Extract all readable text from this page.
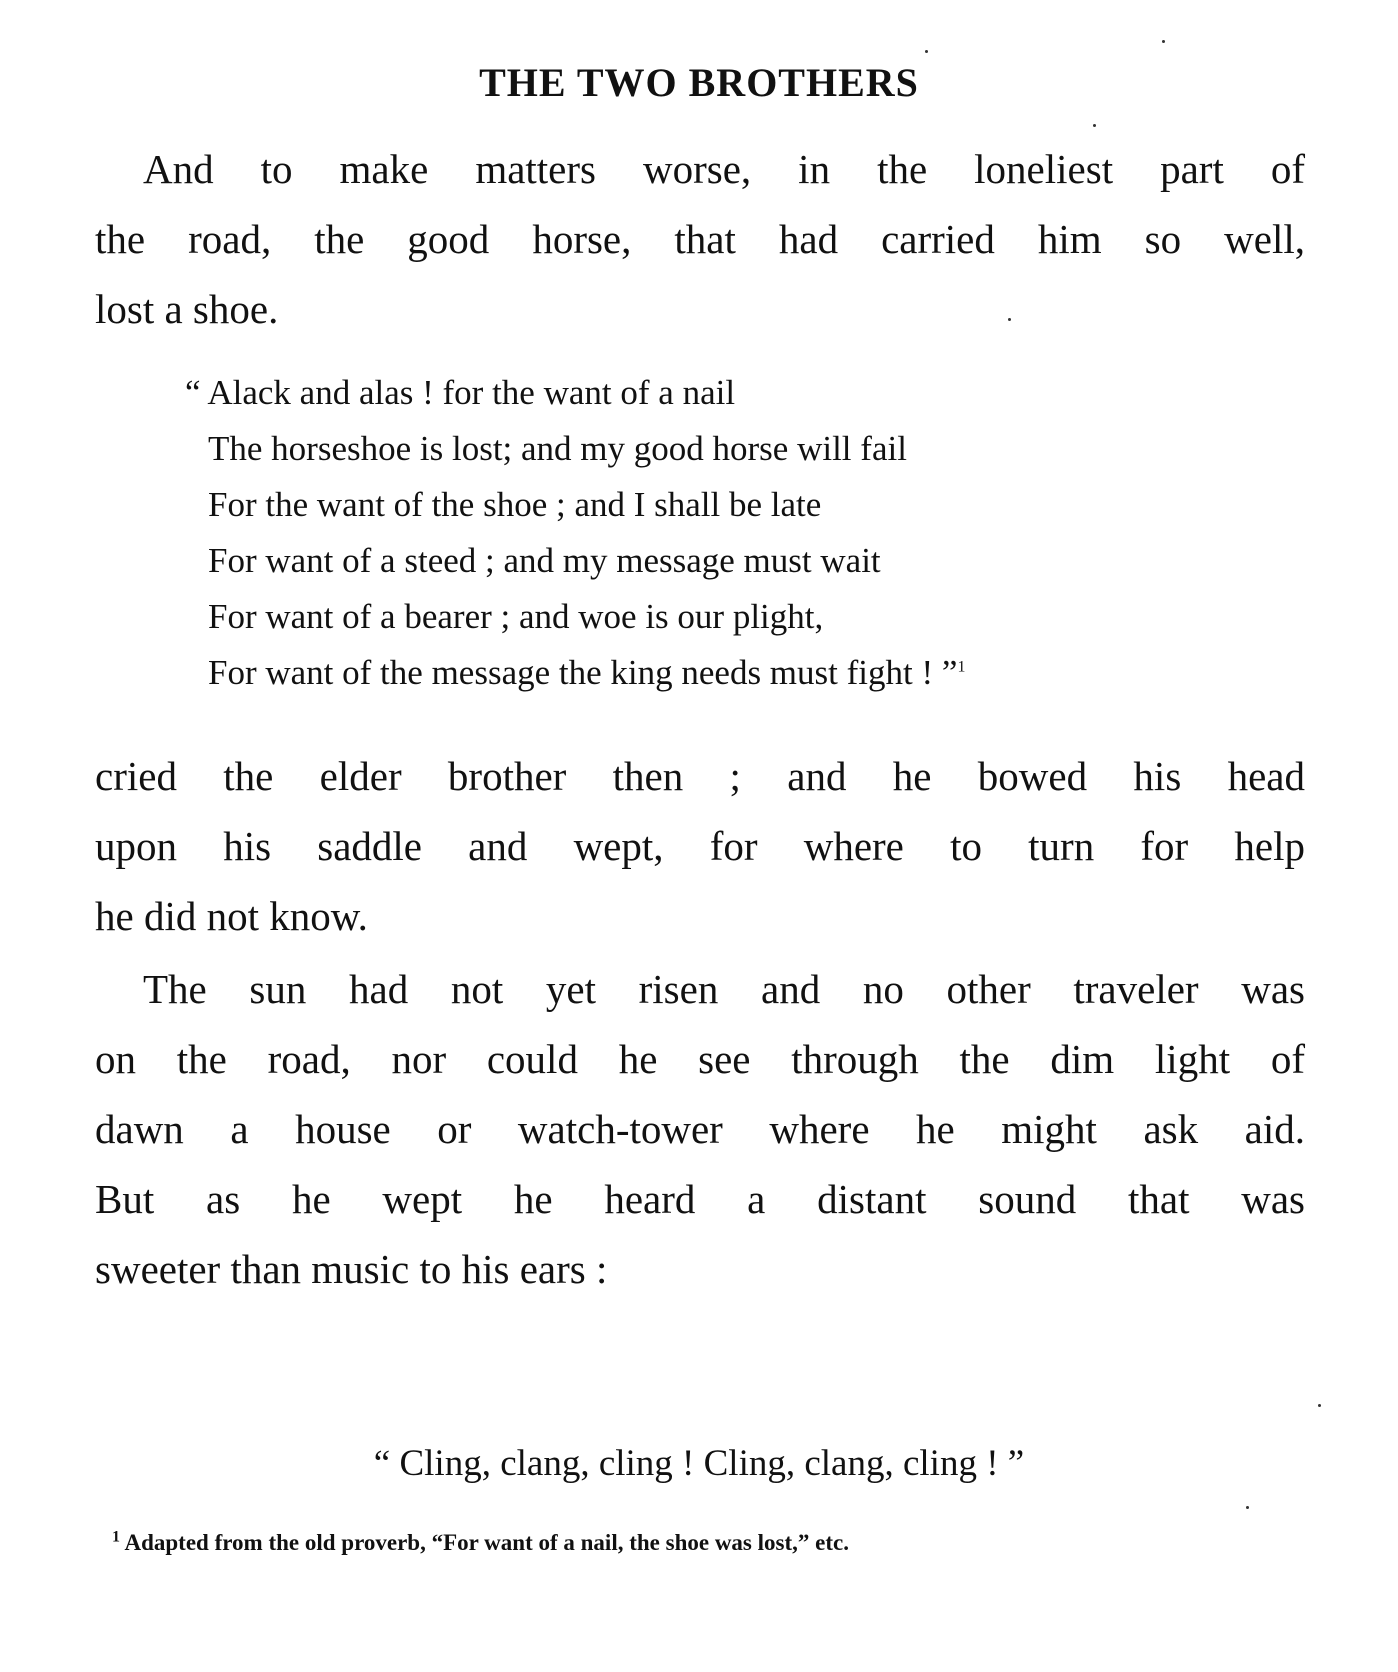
THE TWO BROTHERS
And to make matters worse, in the loneliest part of
the road, the good horse, that had carried him so well,
lost a shoe.
“ Alack and alas ! for the want of a nail
The horseshoe is lost; and my good horse will fail
For the want of the shoe ; and I shall be late
For want of a steed ; and my message must wait
For want of a bearer ; and woe is our plight,
For want of the message the king needs must fight ! ”$^1$
cried the elder brother then ; and he bowed his head
upon his saddle and wept, for where to turn for help
he did not know.
The sun had not yet risen and no other traveler was
on the road, nor could he see through the dim light of
dawn a house or watch-tower where he might ask aid.
But as he wept he heard a distant sound that was
sweeter than music to his ears :
“ Cling, clang, cling ! Cling, clang, cling ! ”
$^1$ Adapted from the old proverb, “For want of a nail, the shoe was lost,” etc.
